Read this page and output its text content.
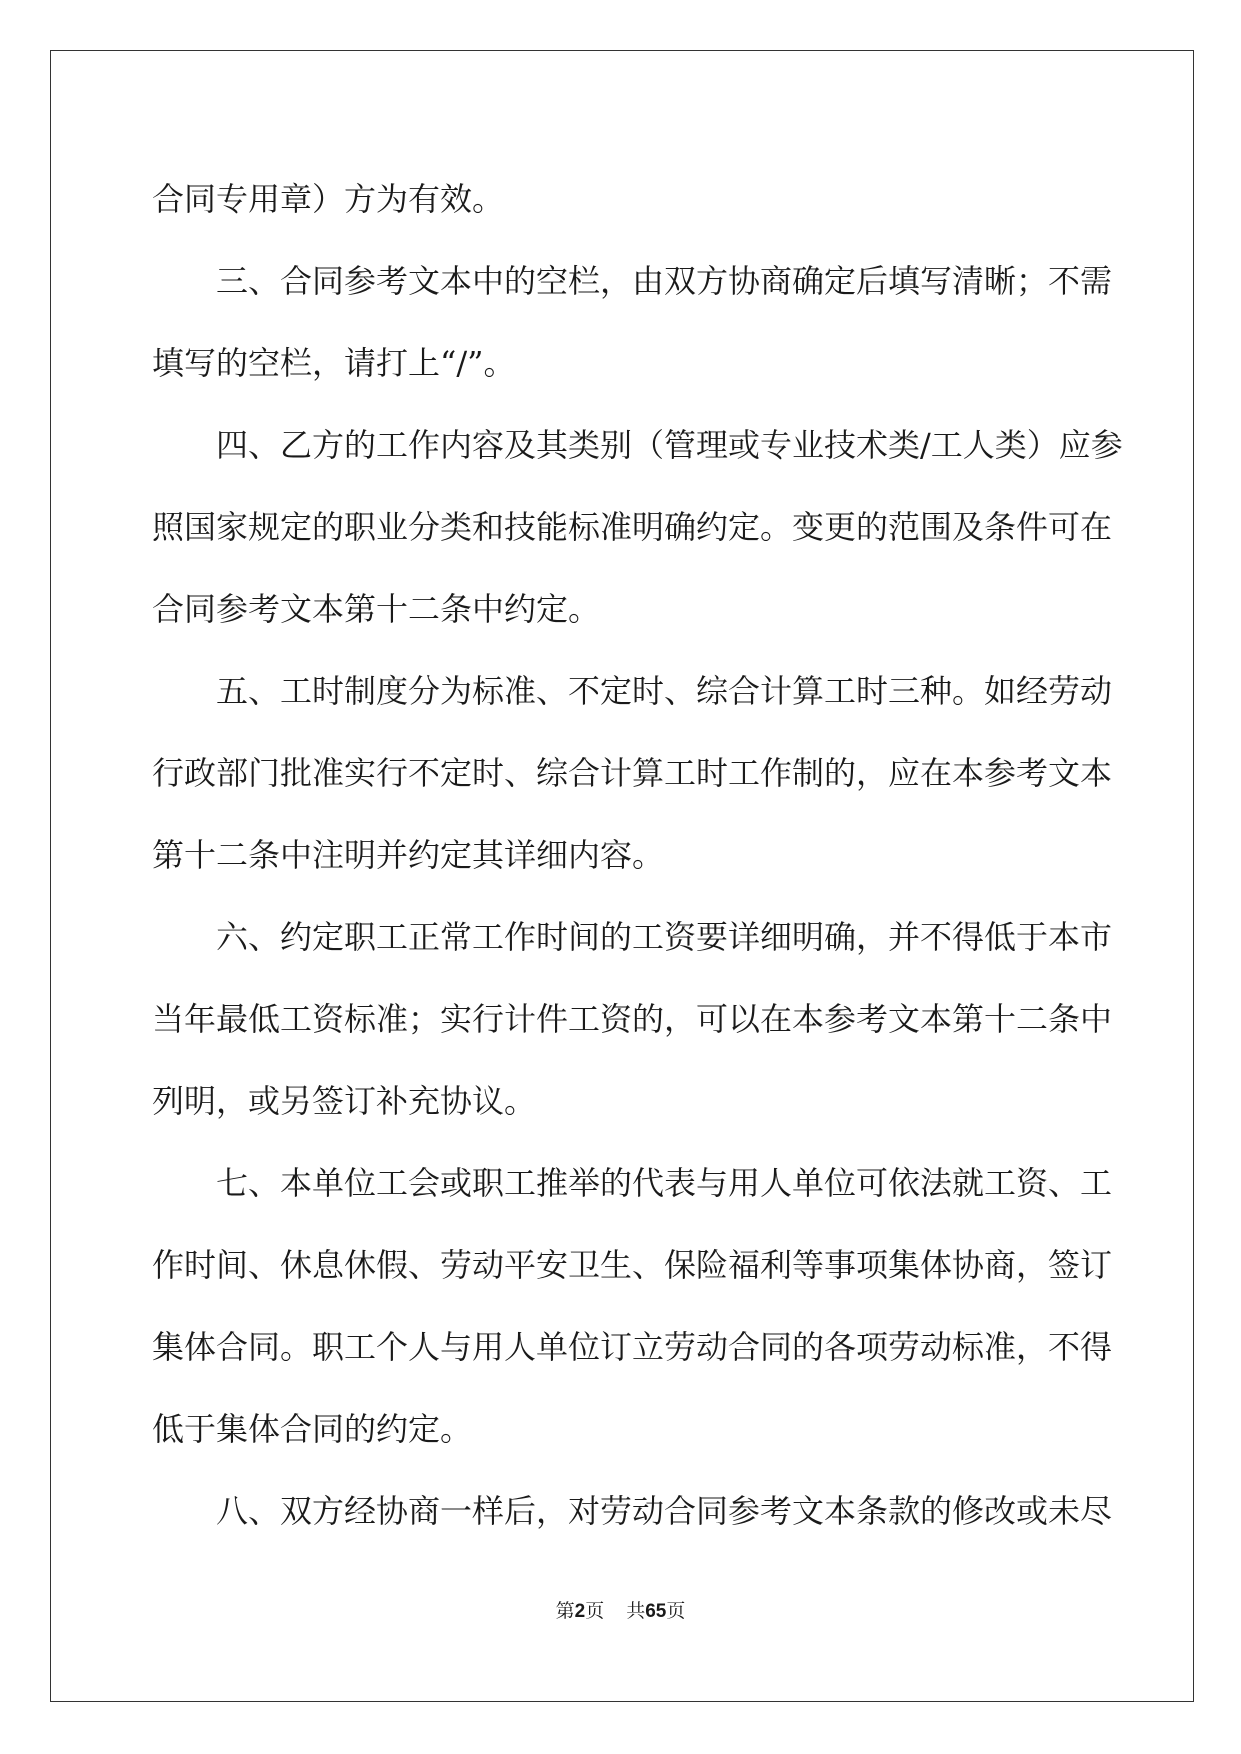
合同专用章）方为有效。
三、合同参考文本中的空栏，由双方协商确定后填写清晰；不需
填写的空栏，请打上“/”。
四、乙方的工作内容及其类别（管理或专业技术类/工人类）应参
照国家规定的职业分类和技能标准明确约定。变更的范围及条件可在
合同参考文本第十二条中约定。
五、工时制度分为标准、不定时、综合计算工时三种。如经劳动
行政部门批准实行不定时、综合计算工时工作制的，应在本参考文本
第十二条中注明并约定其详细内容。
六、约定职工正常工作时间的工资要详细明确，并不得低于本市
当年最低工资标准；实行计件工资的，可以在本参考文本第十二条中
列明，或另签订补充协议。
七、本单位工会或职工推举的代表与用人单位可依法就工资、工
作时间、休息休假、劳动平安卫生、保险福利等事项集体协商，签订
集体合同。职工个人与用人单位订立劳动合同的各项劳动标准，不得
低于集体合同的约定。
八、双方经协商一样后，对劳动合同参考文本条款的修改或未尽
第2页 共65页
